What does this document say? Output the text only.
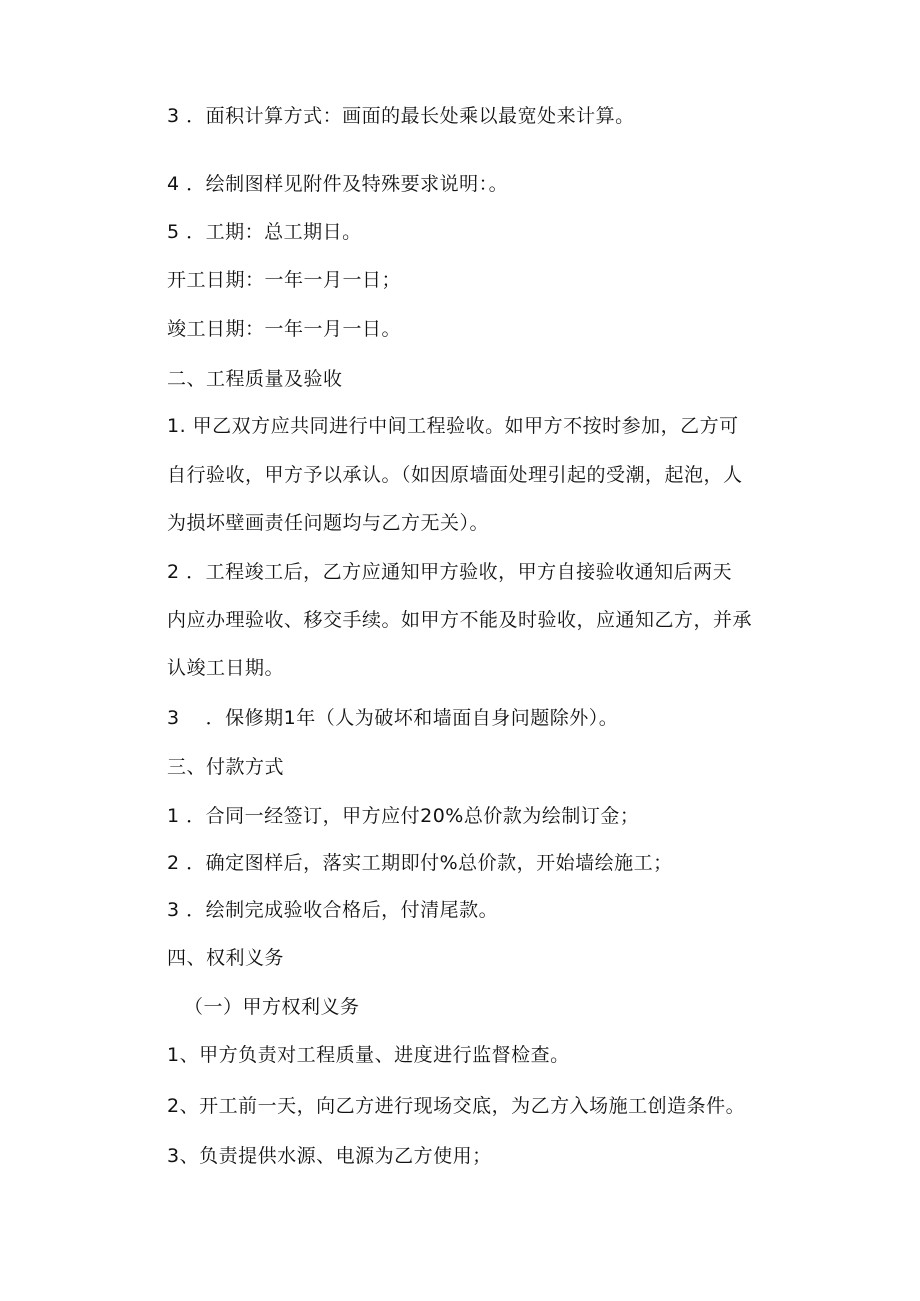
3 ．面积计算方式：画面的最长处乘以最宽处来计算。
4 ．绘制图样见附件及特殊要求说明：。
5 ．工期：总工期日。
开工日期：一年一月一日；
竣工日期：一年一月一日。
二、工程质量及验收
1. 甲乙双方应共同进行中间工程验收。如甲方不按时参加，乙方可
自行验收，甲方予以承认。（如因原墙面处理引起的受潮，起泡，人
为损坏壁画责任问题均与乙方无关）。
2 ．工程竣工后，乙方应通知甲方验收，甲方自接验收通知后两天
内应办理验收、移交手续。如甲方不能及时验收，应通知乙方，并承
认竣工日期。
3　 ．保修期1年（人为破坏和墙面自身问题除外）。
三、付款方式
1 ．合同一经签订，甲方应付20%总价款为绘制订金；
2 ．确定图样后，落实工期即付%总价款，开始墙绘施工；
3 ．绘制完成验收合格后，付清尾款。
四、权利义务
（一）甲方权利义务
1、甲方负责对工程质量、进度进行监督检查。
2、开工前一天，向乙方进行现场交底，为乙方入场施工创造条件。
3、负责提供水源、电源为乙方使用；
